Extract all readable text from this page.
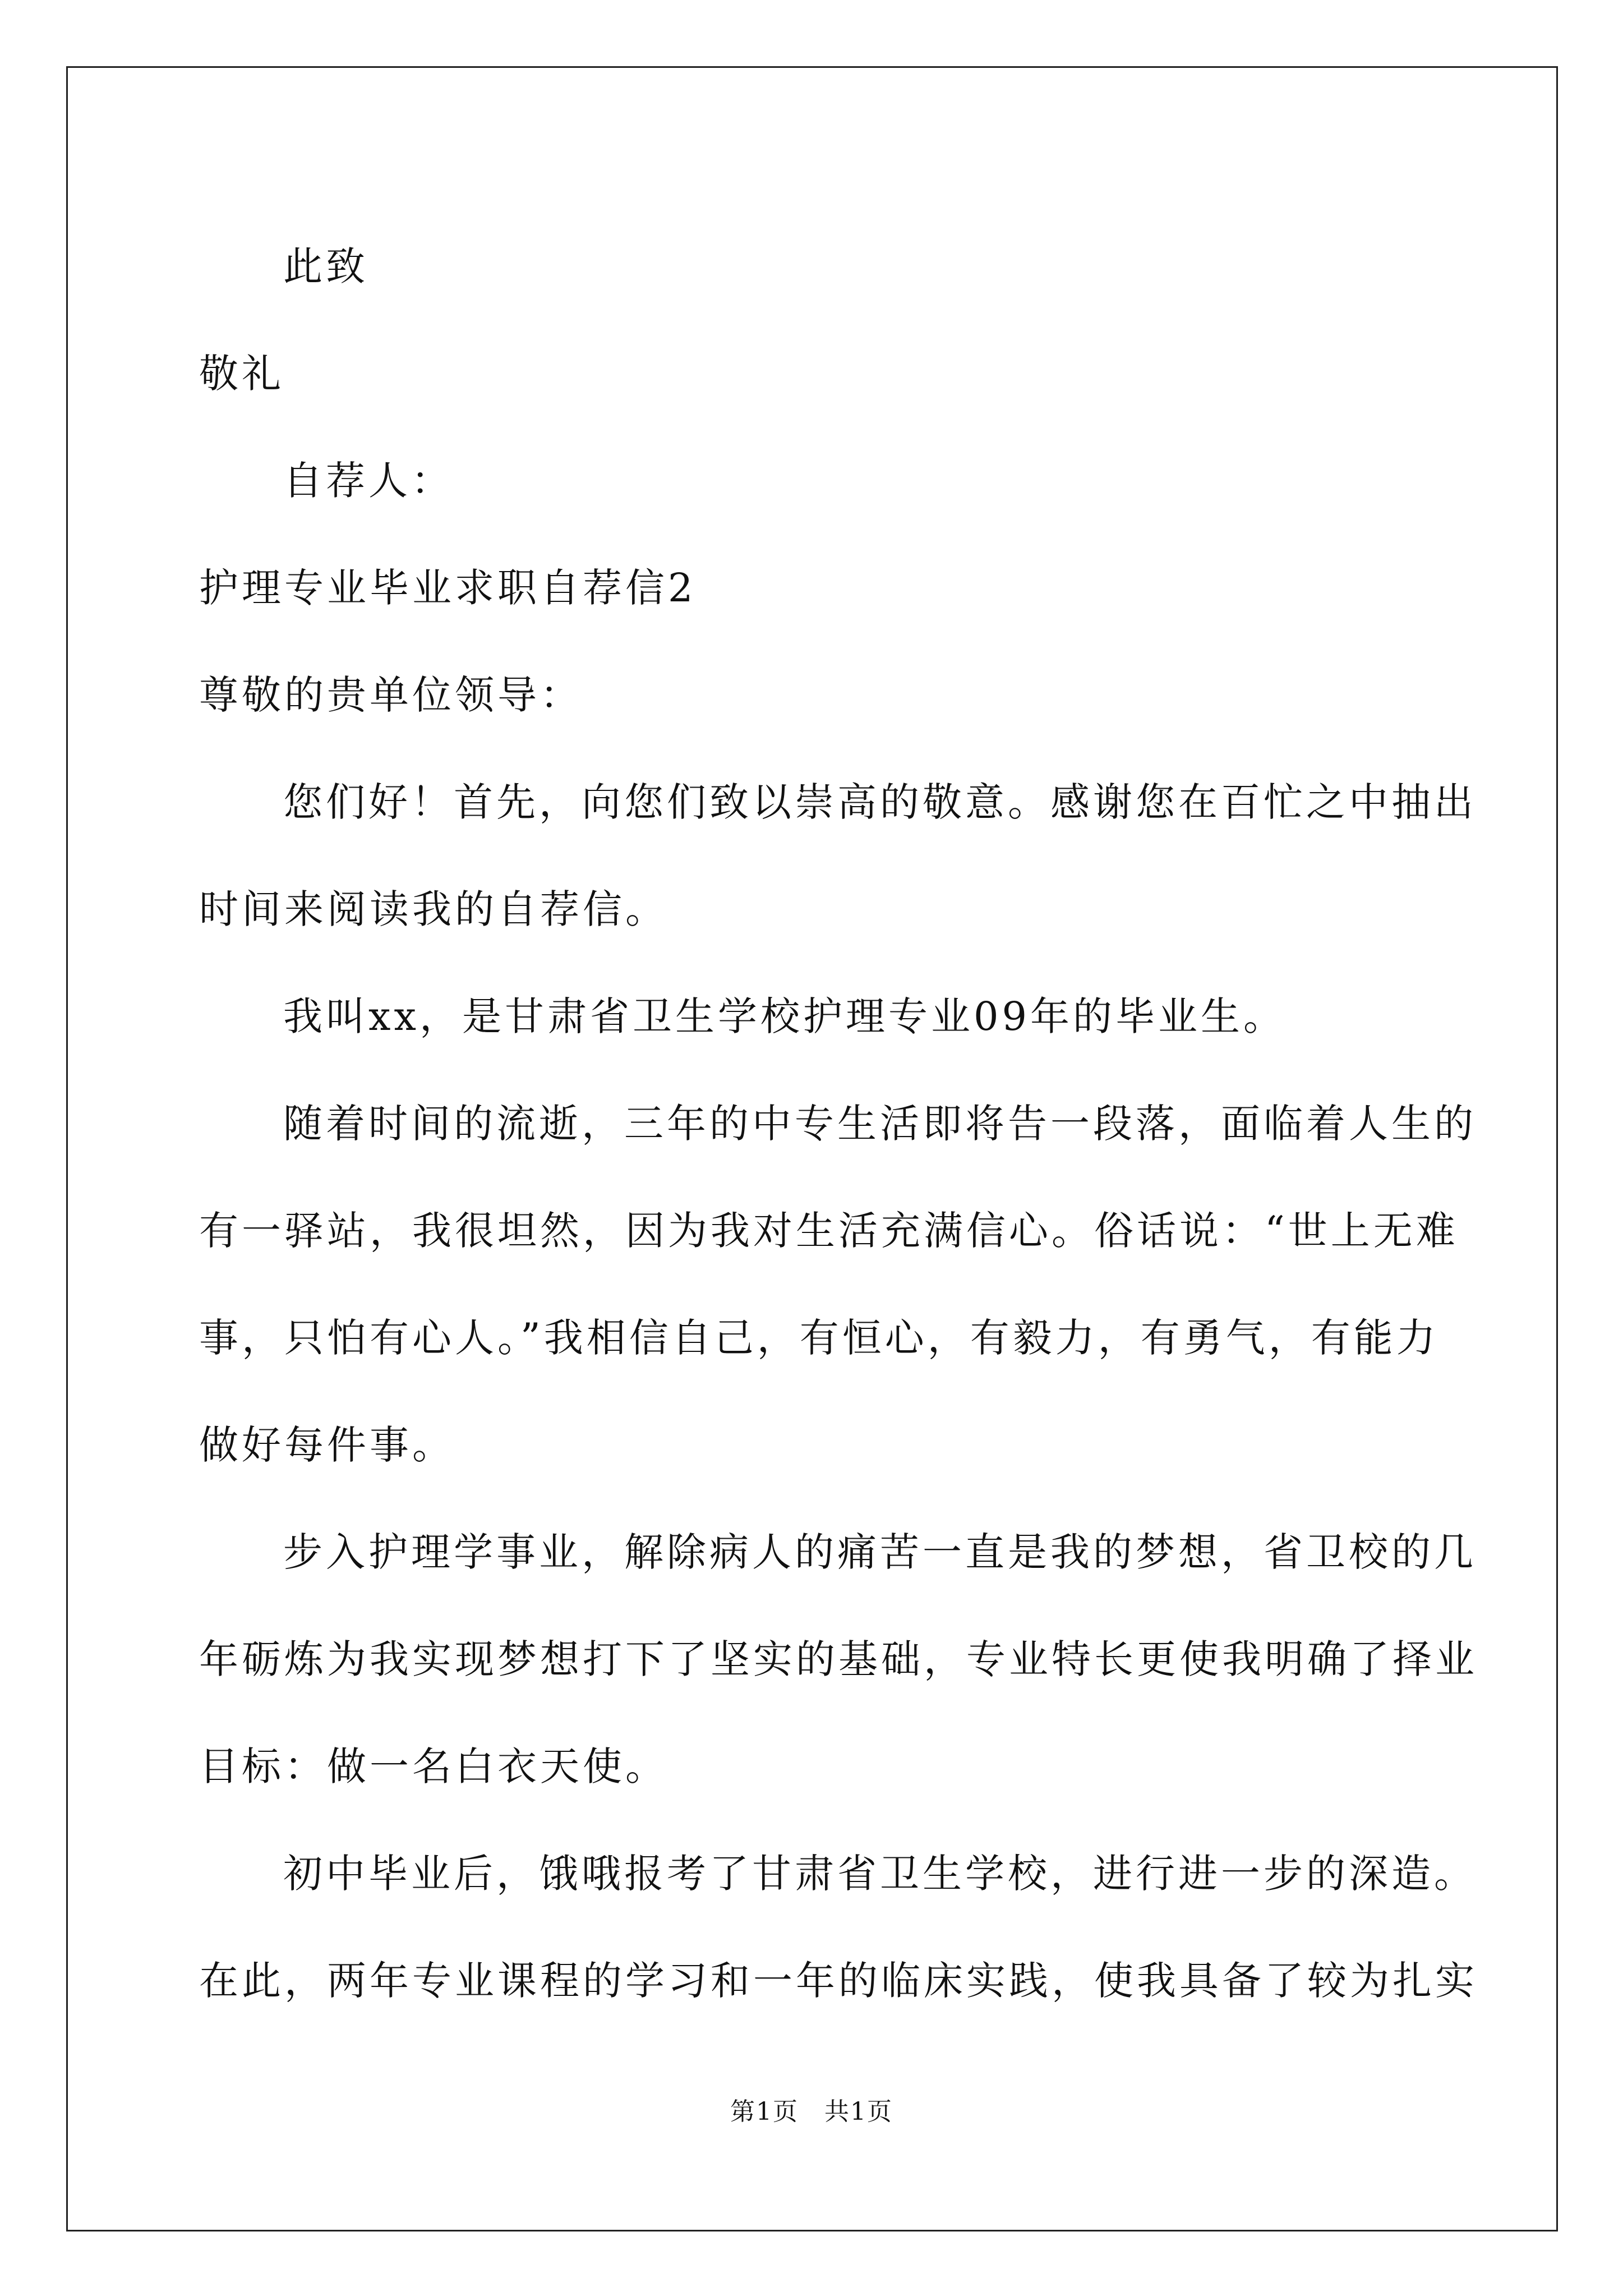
此致
敬礼
自荐人：
护理专业毕业求职自荐信2
尊敬的贵单位领导：
您们好！首先，向您们致以崇高的敬意。感谢您在百忙之中抽出
时间来阅读我的自荐信。
我叫xx，是甘肃省卫生学校护理专业09年的毕业生。
随着时间的流逝，三年的中专生活即将告一段落，面临着人生的
有一驿站，我很坦然，因为我对生活充满信心。俗话说：“世上无难
事，只怕有心人。”我相信自己，有恒心，有毅力，有勇气，有能力
做好每件事。
步入护理学事业，解除病人的痛苦一直是我的梦想，省卫校的几
年砺炼为我实现梦想打下了坚实的基础，专业特长更使我明确了择业
目标：做一名白衣天使。
初中毕业后，饿哦报考了甘肃省卫生学校，进行进一步的深造。
在此，两年专业课程的学习和一年的临床实践，使我具备了较为扎实
第1页　共1页
